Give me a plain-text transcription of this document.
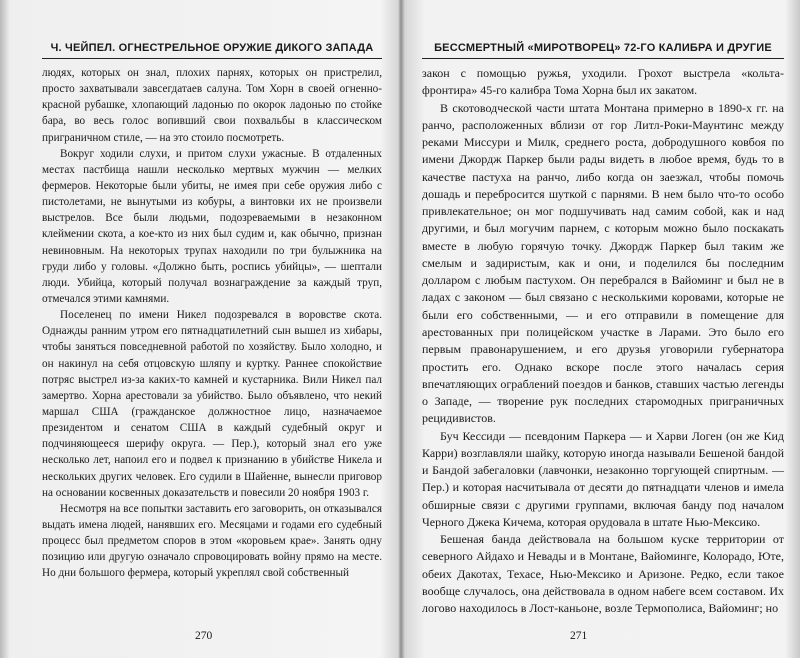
Ч. ЧЕЙПЕЛ. ОГНЕСТРЕЛЬНОЕ ОРУЖИЕ ДИКОГО ЗАПАДА

людях, которых он знал, плохих парнях, которых он пристрелил, просто захватывали завсегдатаев салуна. Том Хорн в своей огненно-красной рубашке, хлопающий ладонью по окорок ладонью по стойке бара, во весь голос вопивший свои похвальбы в классическом приграничном стиле, — на это стоило посмотреть.

Вокруг ходили слухи, и притом слухи ужасные. В отдаленных местах пастбища нашли несколько мертвых мужчин — мелких фермеров. Некоторые были убиты, не имея при себе оружия либо с пистолетами, не вынутыми из кобуры, а винтовки их не произвели выстрелов. Все были людьми, подозреваемыми в незаконном клеймении скота, а кое-кто из них был судим и, как обычно, признан невиновным. На некоторых трупах находили по три булыжника на груди либо у головы. «Должно быть, роспись убийцы», — шептали люди. Убийца, который получал вознаграждение за каждый труп, отмечался этими камнями.

Поселенец по имени Никел подозревался в воровстве скота. Однажды ранним утром его пятнадцатилетний сын вышел из хибары, чтобы заняться повседневной работой по хозяйству. Было холодно, и он накинул на себя отцовскую шляпу и куртку. Раннее спокойствие потряс выстрел из-за каких-то камней и кустарника. Вили Никел пал замертво. Хорна арестовали за убийство. Было объявлено, что некий маршал США (гражданское должностное лицо, назначаемое президентом и сенатом США в каждый судебный округ и подчиняющееся шерифу округа. — Пер.), который знал его уже несколько лет, напоил его и подвел к признанию в убийстве Никела и нескольких других человек. Его судили в Шайенне, вынесли приговор на основании косвенных доказательств и повесили 20 ноября 1903 г.

Несмотря на все попытки заставить его заговорить, он отказывался выдать имена людей, нанявших его. Месяцами и годами его судебный процесс был предметом споров в этом «коровьем крае». Занять одну позицию или другую означало спровоцировать войну прямо на месте. Но дни большого фермера, который укреплял свой собственный

270
БЕССМЕРТНЫЙ «МИРОТВОРЕЦ» 72-ГО КАЛИБРА И ДРУГИЕ

закон с помощью ружья, уходили. Грохот выстрела «кольта-фронтира» 45-го калибра Тома Хорна был их закатом.

В скотоводческой части штата Монтана примерно в 1890-х гг. на ранчо, расположенных вблизи от гор Литл-Роки-Маунтинс между реками Миссури и Милк, среднего роста, добродушного ковбоя по имени Джордж Паркер были рады видеть в любое время, будь то в качестве пастуха на ранчо, либо когда он заезжал, чтобы помочь дошадь и перебросится шуткой с парнями. В нем было что-то особо привлекательное; он мог подшучивать над самим собой, как и над другими, и был могучим парнем, с которым можно было поскакать вместе в любую горячую точку. Джордж Паркер был таким же смелым и задиристым, как и они, и поделился бы последним долларом с любым пастухом. Он перебрался в Вайоминг и был не в ладах с законом — был связано с несколькими коровами, которые не были его собственными, — и его отправили в помещение для арестованных при полицейском участке в Ларами. Это было его первым правонарушением, и его друзья уговорили губернатора простить его. Однако вскоре после этого началась серия впечатляющих ограблений поездов и банков, ставших частью легенды о Западе, — творение рук последних старомодных приграничных рецидивистов.

Буч Кессиди — псевдоним Паркера — и Харви Логен (он же Кид Карри) возглавляли шайку, которую иногда называли Бешеной бандой и Бандой забегаловки (лавчонки, незаконно торгующей спиртным. — Пер.) и которая насчитывала от десяти до пятнадцати членов и имела обширные связи с другими группами, включая банду под началом Черного Джека Кичема, которая орудовала в штате Нью-Мексико.

Бешеная банда действовала на большом куске территории от северного Айдахо и Невады и в Монтане, Вайоминге, Колорадо, Юте, обеих Дакотах, Техасе, Нью-Мексико и Аризоне. Редко, если такое вообще случалось, она действовала в одном набеге всем составом. Их логово находилось в Лост-каньоне, возле Термополиса, Вайоминг; но

271
